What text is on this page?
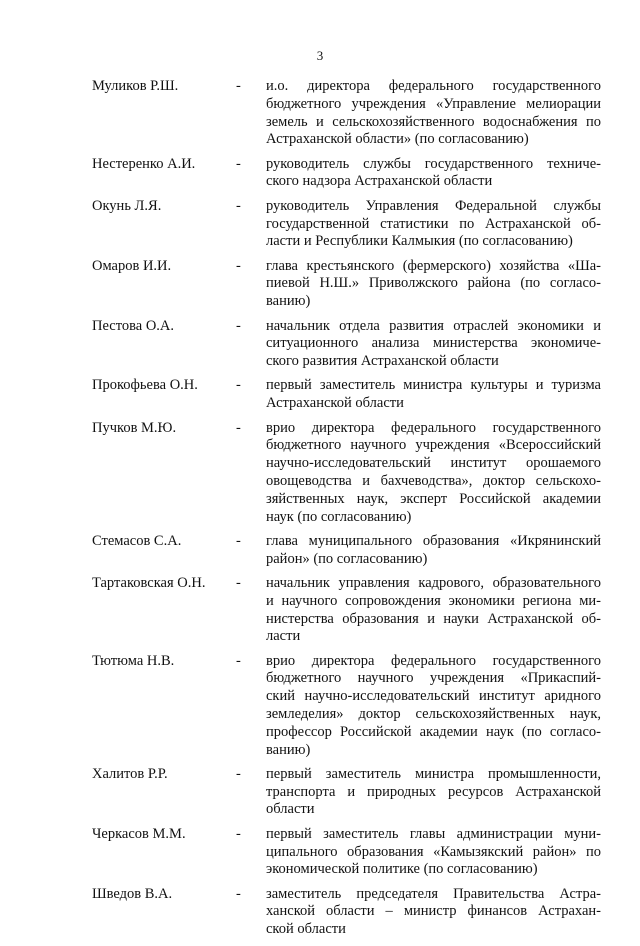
3
Муликов Р.Ш.	- и.о. директора федерального государственного
бюджетного учреждения «Управление мелиорации
земель и сельскохозяйственного водоснабжения по
Астраханской области» (по согласованию)
Нестеренко А.И.	- руководитель службы государственного техниче-
ского надзора Астраханской области
Окунь Л.Я.	- руководитель Управления Федеральной службы
государственной статистики по Астраханской об-
ласти и Республики Калмыкия (по согласованию)
Омаров И.И.	- глава крестьянского (фермерского) хозяйства «Ша-
пиевой Н.Ш.» Приволжского района (по согласо-
ванию)
Пестова О.А.	- начальник отдела развития отраслей экономики и
ситуационного анализа министерства экономиче-
ского развития Астраханской области
Прокофьева О.Н.	- первый заместитель министра культуры и туризма
Астраханской области
Пучков М.Ю.	- врио директора федерального государственного
бюджетного научного учреждения «Всероссийский
научно-исследовательский институт орошаемого
овощеводства и бахчеводства», доктор сельскохо-
зяйственных наук, эксперт Российской академии
наук (по согласованию)
Стемасов С.А.	- глава муниципального образования «Икрянинский
район» (по согласованию)
Тартаковская О.Н. - начальник управления кадрового, образовательного
и научного сопровождения экономики региона ми-
нистерства образования и науки Астраханской об-
ласти
Тютюма Н.В.	- врио директора федерального государственного
бюджетного научного учреждения «Прикаспий-
ский научно-исследовательский институт аридного
земледелия» доктор сельскохозяйственных наук,
профессор Российской академии наук (по согласо-
ванию)
Халитов Р.Р.	- первый заместитель министра промышленности,
транспорта и природных ресурсов Астраханской
области
Черкасов М.М.	- первый заместитель главы администрации муни-
ципального образования «Камызякский район» по
экономической политике (по согласованию)
Шведов В.А.	- заместитель председателя Правительства Астра-
ханской области – министр финансов Астрахан-
ской области
